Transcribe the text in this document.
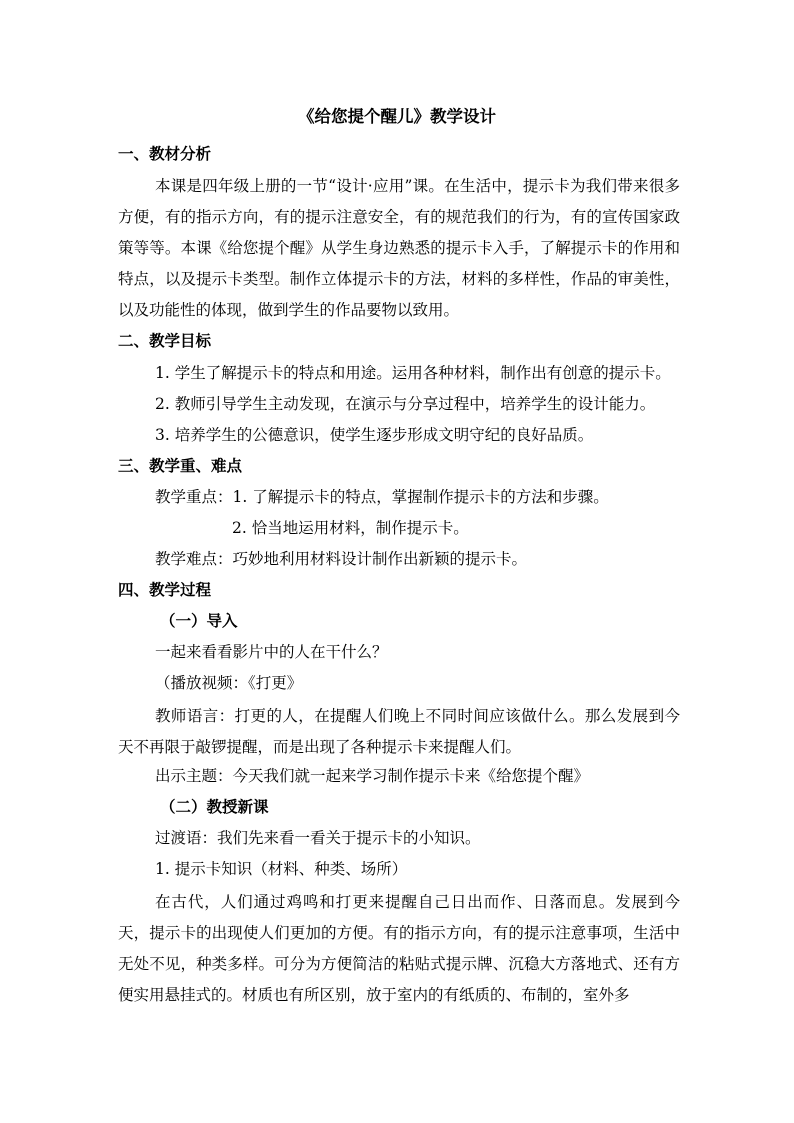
《给您提个醒儿》教学设计
一、教材分析
本课是四年级上册的一节“设计·应用”课。在生活中，提示卡为我们带来很多方便，有的指示方向，有的提示注意安全，有的规范我们的行为，有的宣传国家政策等等。本课《给您提个醒》从学生身边熟悉的提示卡入手，了解提示卡的作用和特点，以及提示卡类型。制作立体提示卡的方法，材料的多样性，作品的审美性，以及功能性的体现，做到学生的作品要物以致用。
二、教学目标
1. 学生了解提示卡的特点和用途。运用各种材料，制作出有创意的提示卡。
2. 教师引导学生主动发现，在演示与分享过程中，培养学生的设计能力。
3. 培养学生的公德意识，使学生逐步形成文明守纪的良好品质。
三、教学重、难点
教学重点：1. 了解提示卡的特点，掌握制作提示卡的方法和步骤。
2. 恰当地运用材料，制作提示卡。
教学难点：巧妙地利用材料设计制作出新颖的提示卡。
四、教学过程
（一）导入
一起来看看影片中的人在干什么？
（播放视频：《打更》
教师语言：打更的人，在提醒人们晚上不同时间应该做什么。那么发展到今天不再限于敲锣提醒，而是出现了各种提示卡来提醒人们。
出示主题：今天我们就一起来学习制作提示卡来《给您提个醒》
（二）教授新课
过渡语：我们先来看一看关于提示卡的小知识。
1. 提示卡知识（材料、种类、场所）
在古代，人们通过鸡鸣和打更来提醒自己日出而作、日落而息。发展到今天，提示卡的出现使人们更加的方便。有的指示方向，有的提示注意事项，生活中无处不见，种类多样。可分为方便简洁的粘贴式提示牌、沉稳大方落地式、还有方便实用悬挂式的。材质也有所区别，放于室内的有纸质的、布制的，室外多
